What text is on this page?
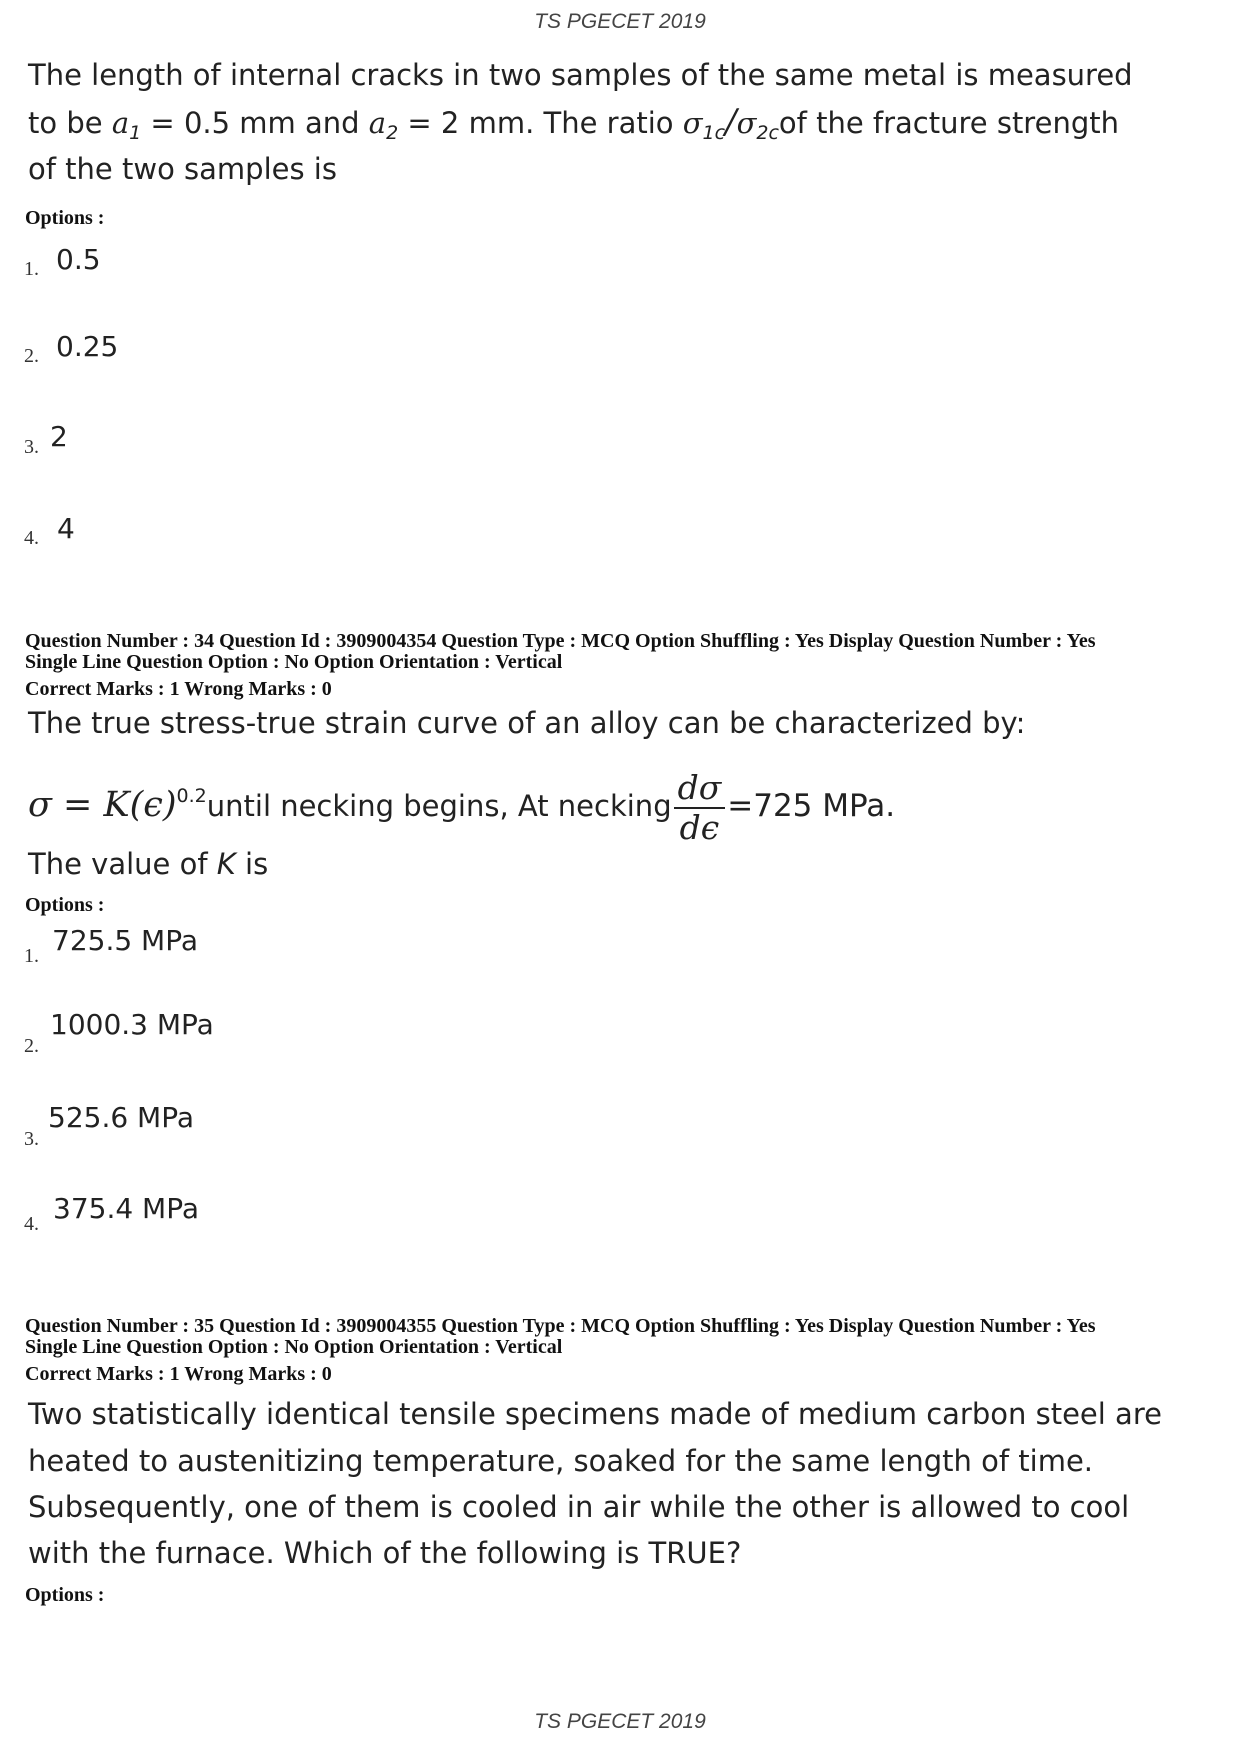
TS PGECET 2019
The length of internal cracks in two samples of the same metal is measured
to be $a_1 = 0.5$ mm and $a_2 = 2$ mm. The ratio $\sigma_{1c}/\sigma_{2c}of$ the fracture strength
of the two samples is
Options :
1. 0.5
2. 0.25
3. 2
4. 4
Question Number : 34 Question Id : 3909004354 Question Type : MCQ Option Shuffling : Yes Display Question Number : Yes
Single Line Question Option : No Option Orientation : Vertical
Correct Marks : 1 Wrong Marks : 0
The true stress-true strain curve of an alloy can be characterized by:
$\sigma = K(\epsilon)^{0.2}until$ necking begins, At necking $\frac{d\sigma}{d\epsilon} =725$ MPa.
The value of K is
Options :
1. 725.5 MPa
2.
1000.3 MPa
3.
525.6 MPa
4. 375.4 MPa
Question Number : 35 Question Id : 3909004355 Question Type : MCQ Option Shuffling : Yes Display Question Number : Yes
Single Line Question Option : No Option Orientation : Vertical
Correct Marks : 1 Wrong Marks : 0
Two statistically identical tensile specimens made of medium carbon steel are
heated to austenitizing temperature, soaked for the same length of time.
Subsequently, one of them is cooled in air while the other is allowed to cool
with the furnace. Which of the following is TRUE?
Options :
TS PGECET 2019
